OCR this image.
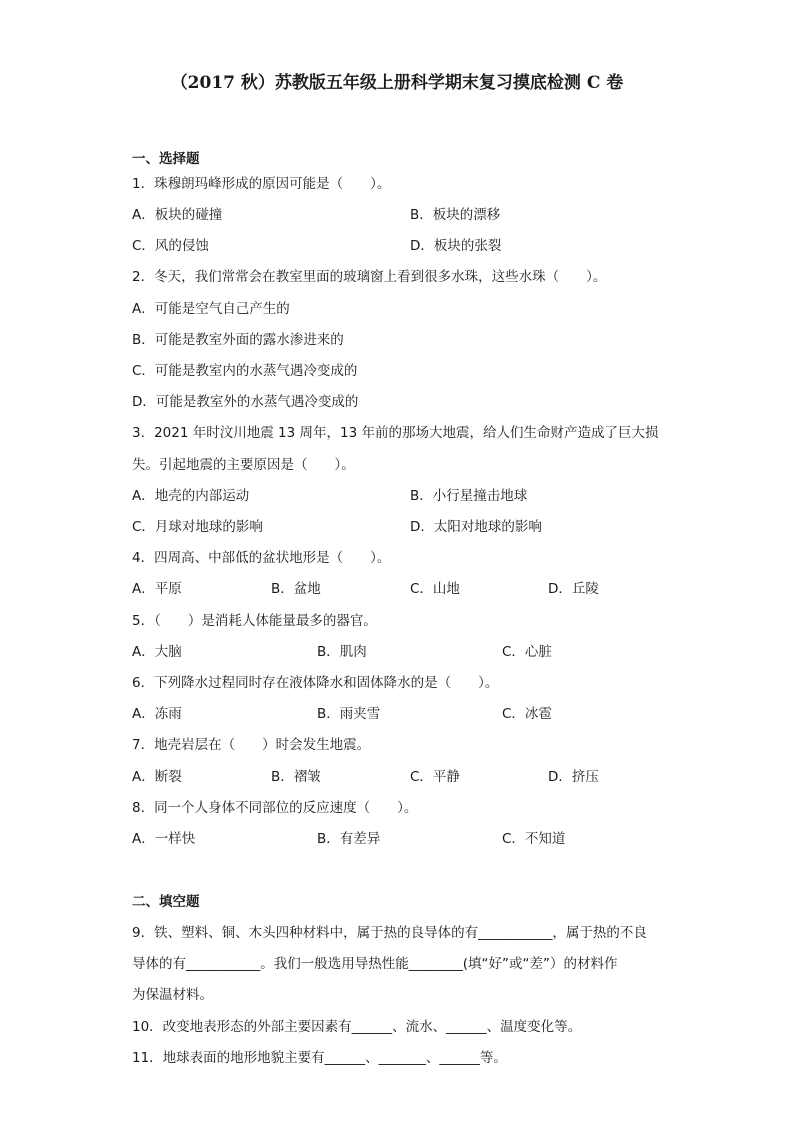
（2017 秋）苏教版五年级上册科学期末复习摸底检测 C 卷
一、选择题
1．珠穆朗玛峰形成的原因可能是（　　）。
A．板块的碰撞	B．板块的漂移
C．风的侵蚀	D．板块的张裂
2．冬天，我们常常会在教室里面的玻璃窗上看到很多水珠，这些水珠（　　）。
A．可能是空气自己产生的
B．可能是教室外面的露水渗进来的
C．可能是教室内的水蒸气遇冷变成的
D．可能是教室外的水蒸气遇冷变成的
3．2021 年时汶川地震 13 周年，13 年前的那场大地震，给人们生命财产造成了巨大损
失。引起地震的主要原因是（　　）。
A．地壳的内部运动	B．小行星撞击地球
C．月球对地球的影响	D．太阳对地球的影响
4．四周高、中部低的盆状地形是（　　）。
A．平原	B．盆地	C．山地	D．丘陵
5．（　　）是消耗人体能量最多的器官。
A．大脑	B．肌肉	C．心脏
6．下列降水过程同时存在液体降水和固体降水的是（　　）。
A．冻雨	B．雨夹雪	C．冰雹
7．地壳岩层在（　　）时会发生地震。
A．断裂	B．褶皱	C．平静	D．挤压
8．同一个人身体不同部位的反应速度（　　）。
A．一样快	B．有差异	C．不知道
二、填空题
9．铁、塑料、铜、木头四种材料中，属于热的良导体的有___________，属于热的不良
导体的有___________。我们一般选用导热性能________(填“好”或“差”）的材料作
为保温材料。
10．改变地表形态的外部主要因素有______、流水、______、温度变化等。
11．地球表面的地形地貌主要有______、_______、______等。
